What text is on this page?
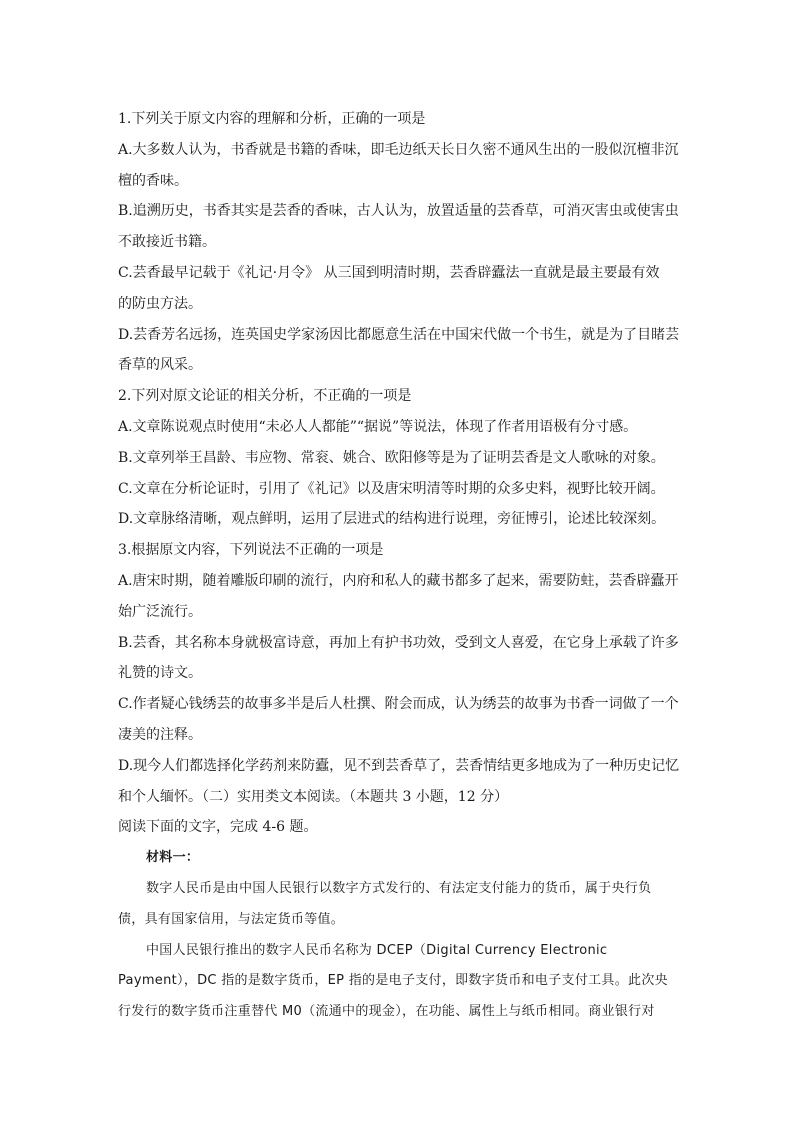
1.下列关于原文内容的理解和分析，正确的一项是
A.大多数人认为，书香就是书籍的香味，即毛边纸天长日久密不通风生出的一股似沉檀非沉
檀的香味。
B.追溯历史，书香其实是芸香的香味，古人认为，放置适量的芸香草，可消灭害虫或使害虫
不敢接近书籍。
C.芸香最早记载于《礼记·月令》 从三国到明清时期，芸香辟蠹法一直就是最主要最有效
的防虫方法。
D.芸香芳名远扬，连英国史学家汤因比都愿意生活在中国宋代做一个书生，就是为了目睹芸
香草的风采。
2.下列对原文论证的相关分析，不正确的一项是
A.文章陈说观点时使用“未必人人都能”“据说”等说法，体现了作者用语极有分寸感。
B.文章列举王昌龄、韦应物、常衮、姚合、欧阳修等是为了证明芸香是文人歌咏的对象。
C.文章在分析论证时，引用了《礼记》以及唐宋明清等时期的众多史料，视野比较开阔。
D.文章脉络清晰，观点鲜明，运用了层进式的结构进行说理，旁征博引，论述比较深刻。
3.根据原文内容，下列说法不正确的一项是
A.唐宋时期，随着雕版印刷的流行，内府和私人的藏书都多了起来，需要防蛀，芸香辟蠹开
始广泛流行。
B.芸香，其名称本身就极富诗意，再加上有护书功效，受到文人喜爱，在它身上承载了许多
礼赞的诗文。
C.作者疑心钱绣芸的故事多半是后人杜撰、附会而成，认为绣芸的故事为书香一词做了一个
凄美的注释。
D.现今人们都选择化学药剂来防蠹，见不到芸香草了，芸香情结更多地成为了一种历史记忆
和个人缅怀。（二）实用类文本阅读。（本题共 3 小题，12 分）
阅读下面的文字，完成 4-6 题。
材料一：
数字人民币是由中国人民银行以数字方式发行的、有法定支付能力的货币，属于央行负
债，具有国家信用，与法定货币等值。
中国人民银行推出的数字人民币名称为 DCEP（Digital Currency Electronic
Payment），DC 指的是数字货币，EP 指的是电子支付，即数字货币和电子支付工具。此次央
行发行的数字货币注重替代 M0（流通中的现金），在功能、属性上与纸币相同。商业银行对
